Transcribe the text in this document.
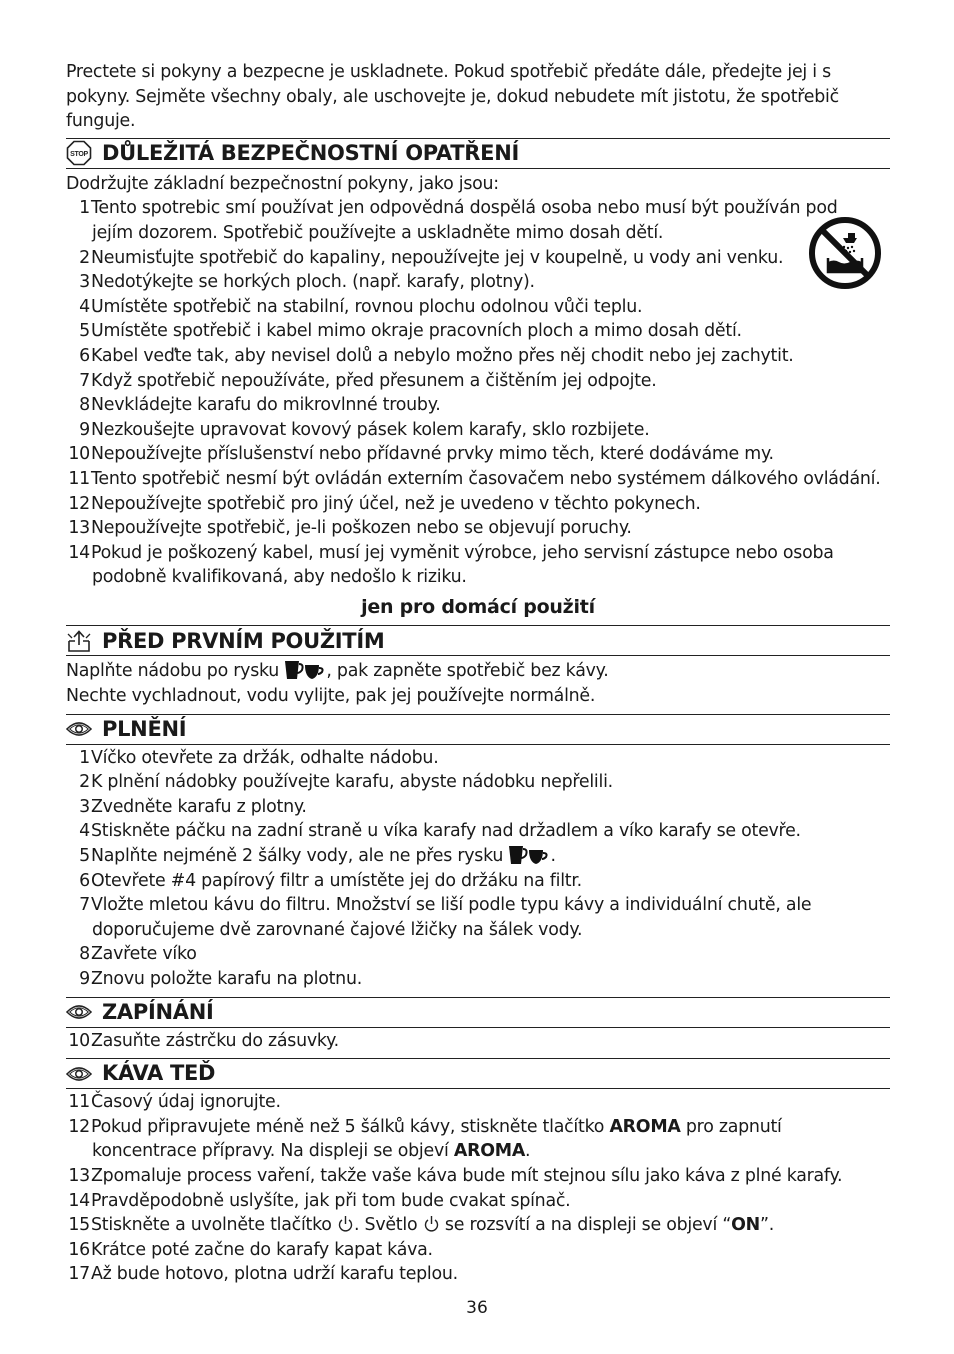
Prectete si pokyny a bezpecne je uskladnete. Pokud spotřebič předáte dále, předejte jej i s pokyny. Sejměte všechny obaly, ale uschovejte je, dokud nebudete mít jistotu, že spotřebič funguje.

STOP DŮLEŽITÁ BEZPEČNOSTNÍ OPATŘENÍ
Dodržujte základní bezpečnostní pokyny, jako jsou:
1 Tento spotrebic smí používat jen odpovědná dospělá osoba nebo musí být používán pod
jejím dozorem. Spotřebič používejte a uskladněte mimo dosah dětí.
2 Neumisťujte spotřebič do kapaliny, nepoužívejte jej v koupelně, u vody ani venku.
3 Nedotýkejte se horkých ploch. (např. karafy, plotny).
4 Umístěte spotřebič na stabilní, rovnou plochu odolnou vůči teplu.
5 Umístěte spotřebič i kabel mimo okraje pracovních ploch a mimo dosah dětí.
6 Kabel veďte tak, aby nevisel dolů a nebylo možno přes něj chodit nebo jej zachytit.
7 Když spotřebič nepoužíváte, před přesunem a čištěním jej odpojte.
8 Nevkládejte karafu do mikrovlnné trouby.
9 Nezkoušejte upravovat kovový pásek kolem karafy, sklo rozbijete.
10 Nepoužívejte příslušenství nebo přídavné prvky mimo těch, které dodáváme my.
11 Tento spotřebič nesmí být ovládán externím časovačem nebo systémem dálkového ovládání.
12 Nepoužívejte spotřebič pro jiný účel, než je uvedeno v těchto pokynech.
13 Nepoužívejte spotřebič, je-li poškozen nebo se objevují poruchy.
14 Pokud je poškozený kabel, musí jej vyměnit výrobce, jeho servisní zástupce nebo osoba
podobně kvalifikovaná, aby nedošlo k riziku.
jen pro domácí použití
PŘED PRVNÍM POUŽITÍM
Naplňte nádobu po rysku , pak zapněte spotřebič bez kávy.
Nechte vychladnout, vodu vylijte, pak jej používejte normálně.
PLNĚNÍ
1 Víčko otevřete za držák, odhalte nádobu.
2 K plnění nádobky používejte karafu, abyste nádobku nepřelili.
3 Zvedněte karafu z plotny.
4 Stiskněte páčku na zadní straně u víka karafy nad držadlem a víko karafy se otevře.
5 Naplňte nejméně 2 šálky vody, ale ne přes rysku .
6 Otevřete #4 papírový filtr a umístěte jej do držáku na filtr.
7 Vložte mletou kávu do filtru. Množství se liší podle typu kávy a individuální chutě, ale
doporučujeme dvě zarovnané čajové lžičky na šálek vody.
8 Zavřete víko
9 Znovu položte karafu na plotnu.
ZAPÍNÁNÍ
10 Zasuňte zástrčku do zásuvky.
KÁVA TEĎ
11 Časový údaj ignorujte.
12 Pokud připravujete méně než 5 šálků kávy, stiskněte tlačítko AROMA pro zapnutí
koncentrace přípravy. Na displeji se objeví AROMA.
13 Zpomaluje process vaření, takže vaše káva bude mít stejnou sílu jako káva z plné karafy.
14 Pravděpodobně uslyšíte, jak při tom bude cvakat spínač.
15 Stiskněte a uvolněte tlačítko . Světlo  se rozsvítí a na displeji se objeví “ON”.
16 Krátce poté začne do karafy kapat káva.
17 Až bude hotovo, plotna udrží karafu teplou.
36
